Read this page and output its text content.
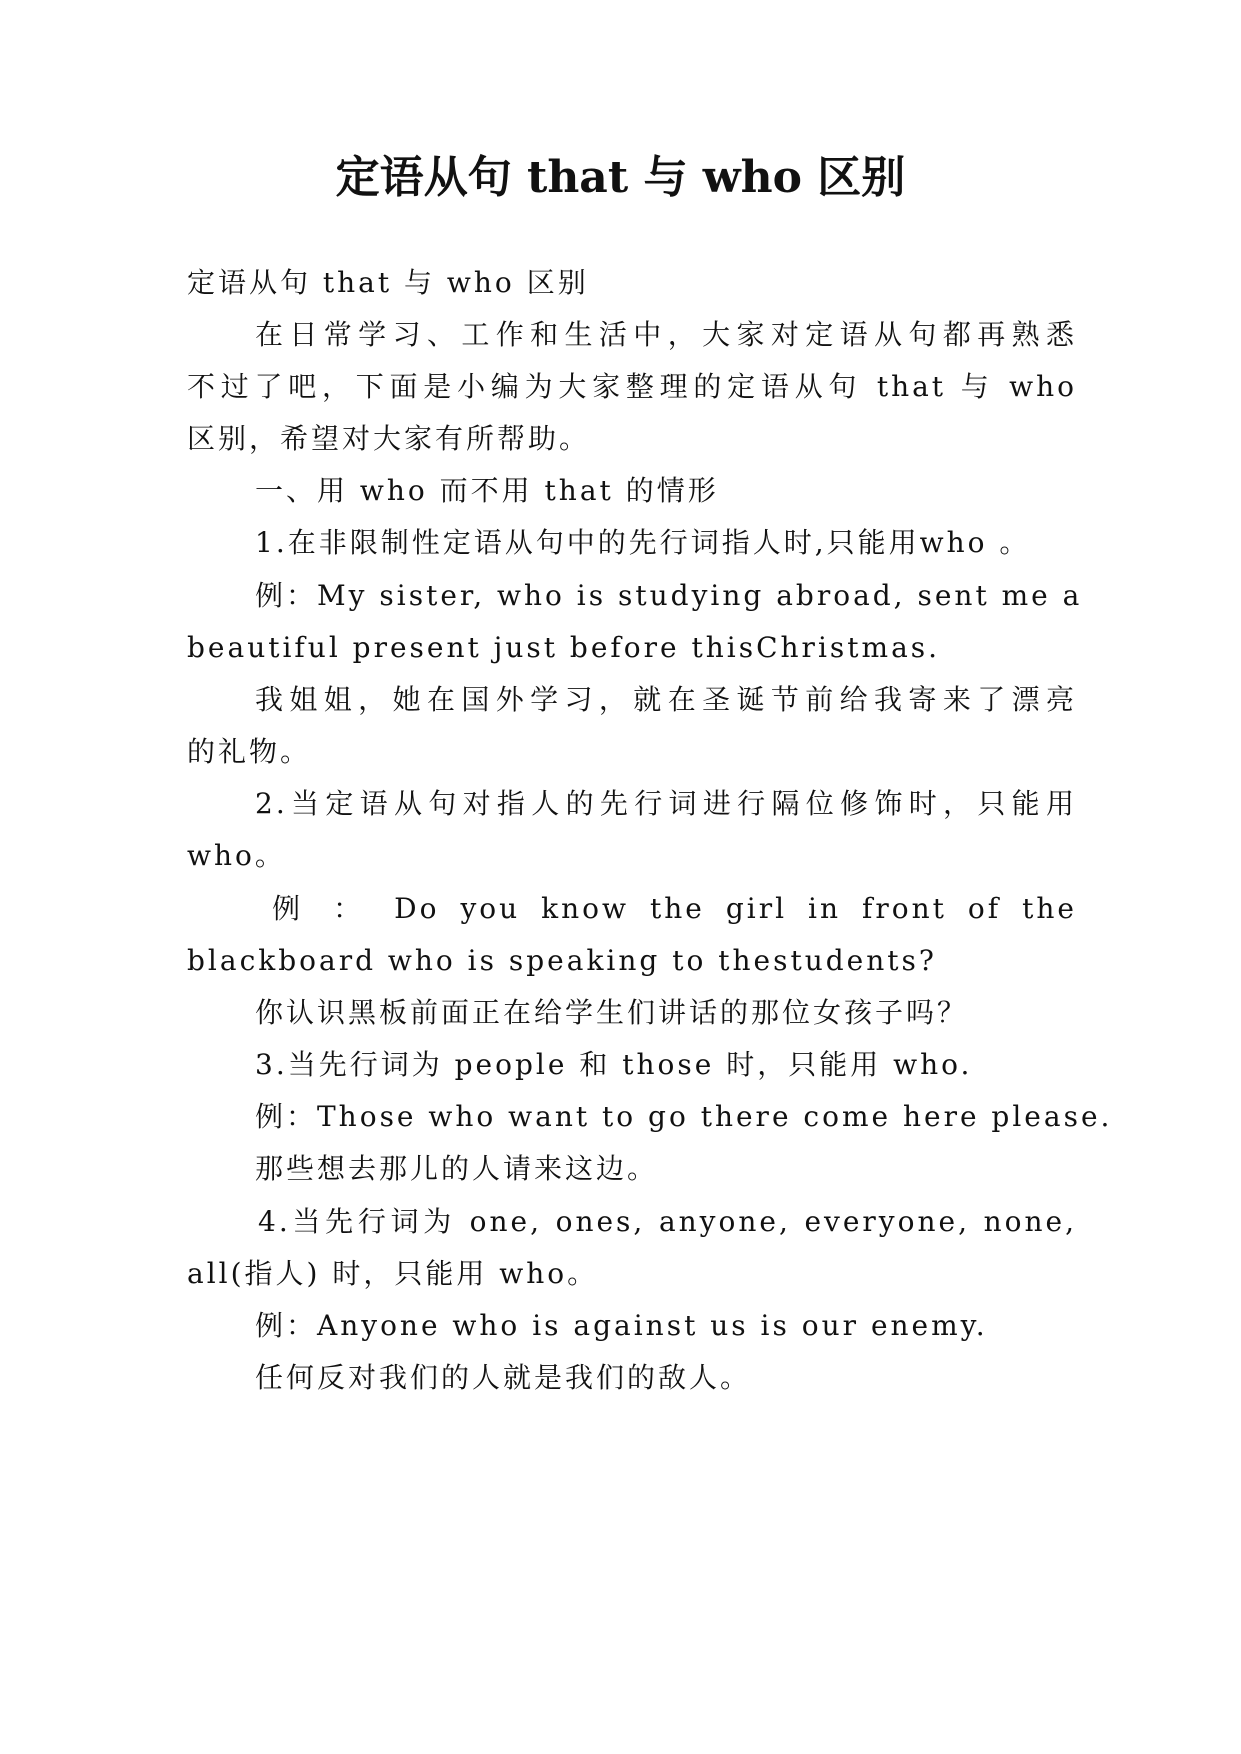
定语从句 that 与 who 区别
定语从句 that 与 who 区别
在日常学习、工作和生活中，大家对定语从句都再熟悉
不过了吧，下面是小编为大家整理的定语从句 that 与 who
区别，希望对大家有所帮助。
一、用 who 而不用 that 的情形
1.在非限制性定语从句中的先行词指人时,只能用who 。
例：My sister, who is studying abroad, sent me a
beautiful present just before thisChristmas.
我姐姐，她在国外学习，就在圣诞节前给我寄来了漂亮
的礼物。
2.当定语从句对指人的先行词进行隔位修饰时，只能用
who。
例 ： Do you know the girl in front of the
blackboard who is speaking to thestudents?
你认识黑板前面正在给学生们讲话的那位女孩子吗？
3.当先行词为 people 和 those 时，只能用 who.
例：Those who want to go there come here please.
那些想去那儿的人请来这边。
4.当先行词为 one, ones, anyone, everyone, none,
all(指人) 时，只能用 who。
例：Anyone who is against us is our enemy.
任何反对我们的人就是我们的敌人。
